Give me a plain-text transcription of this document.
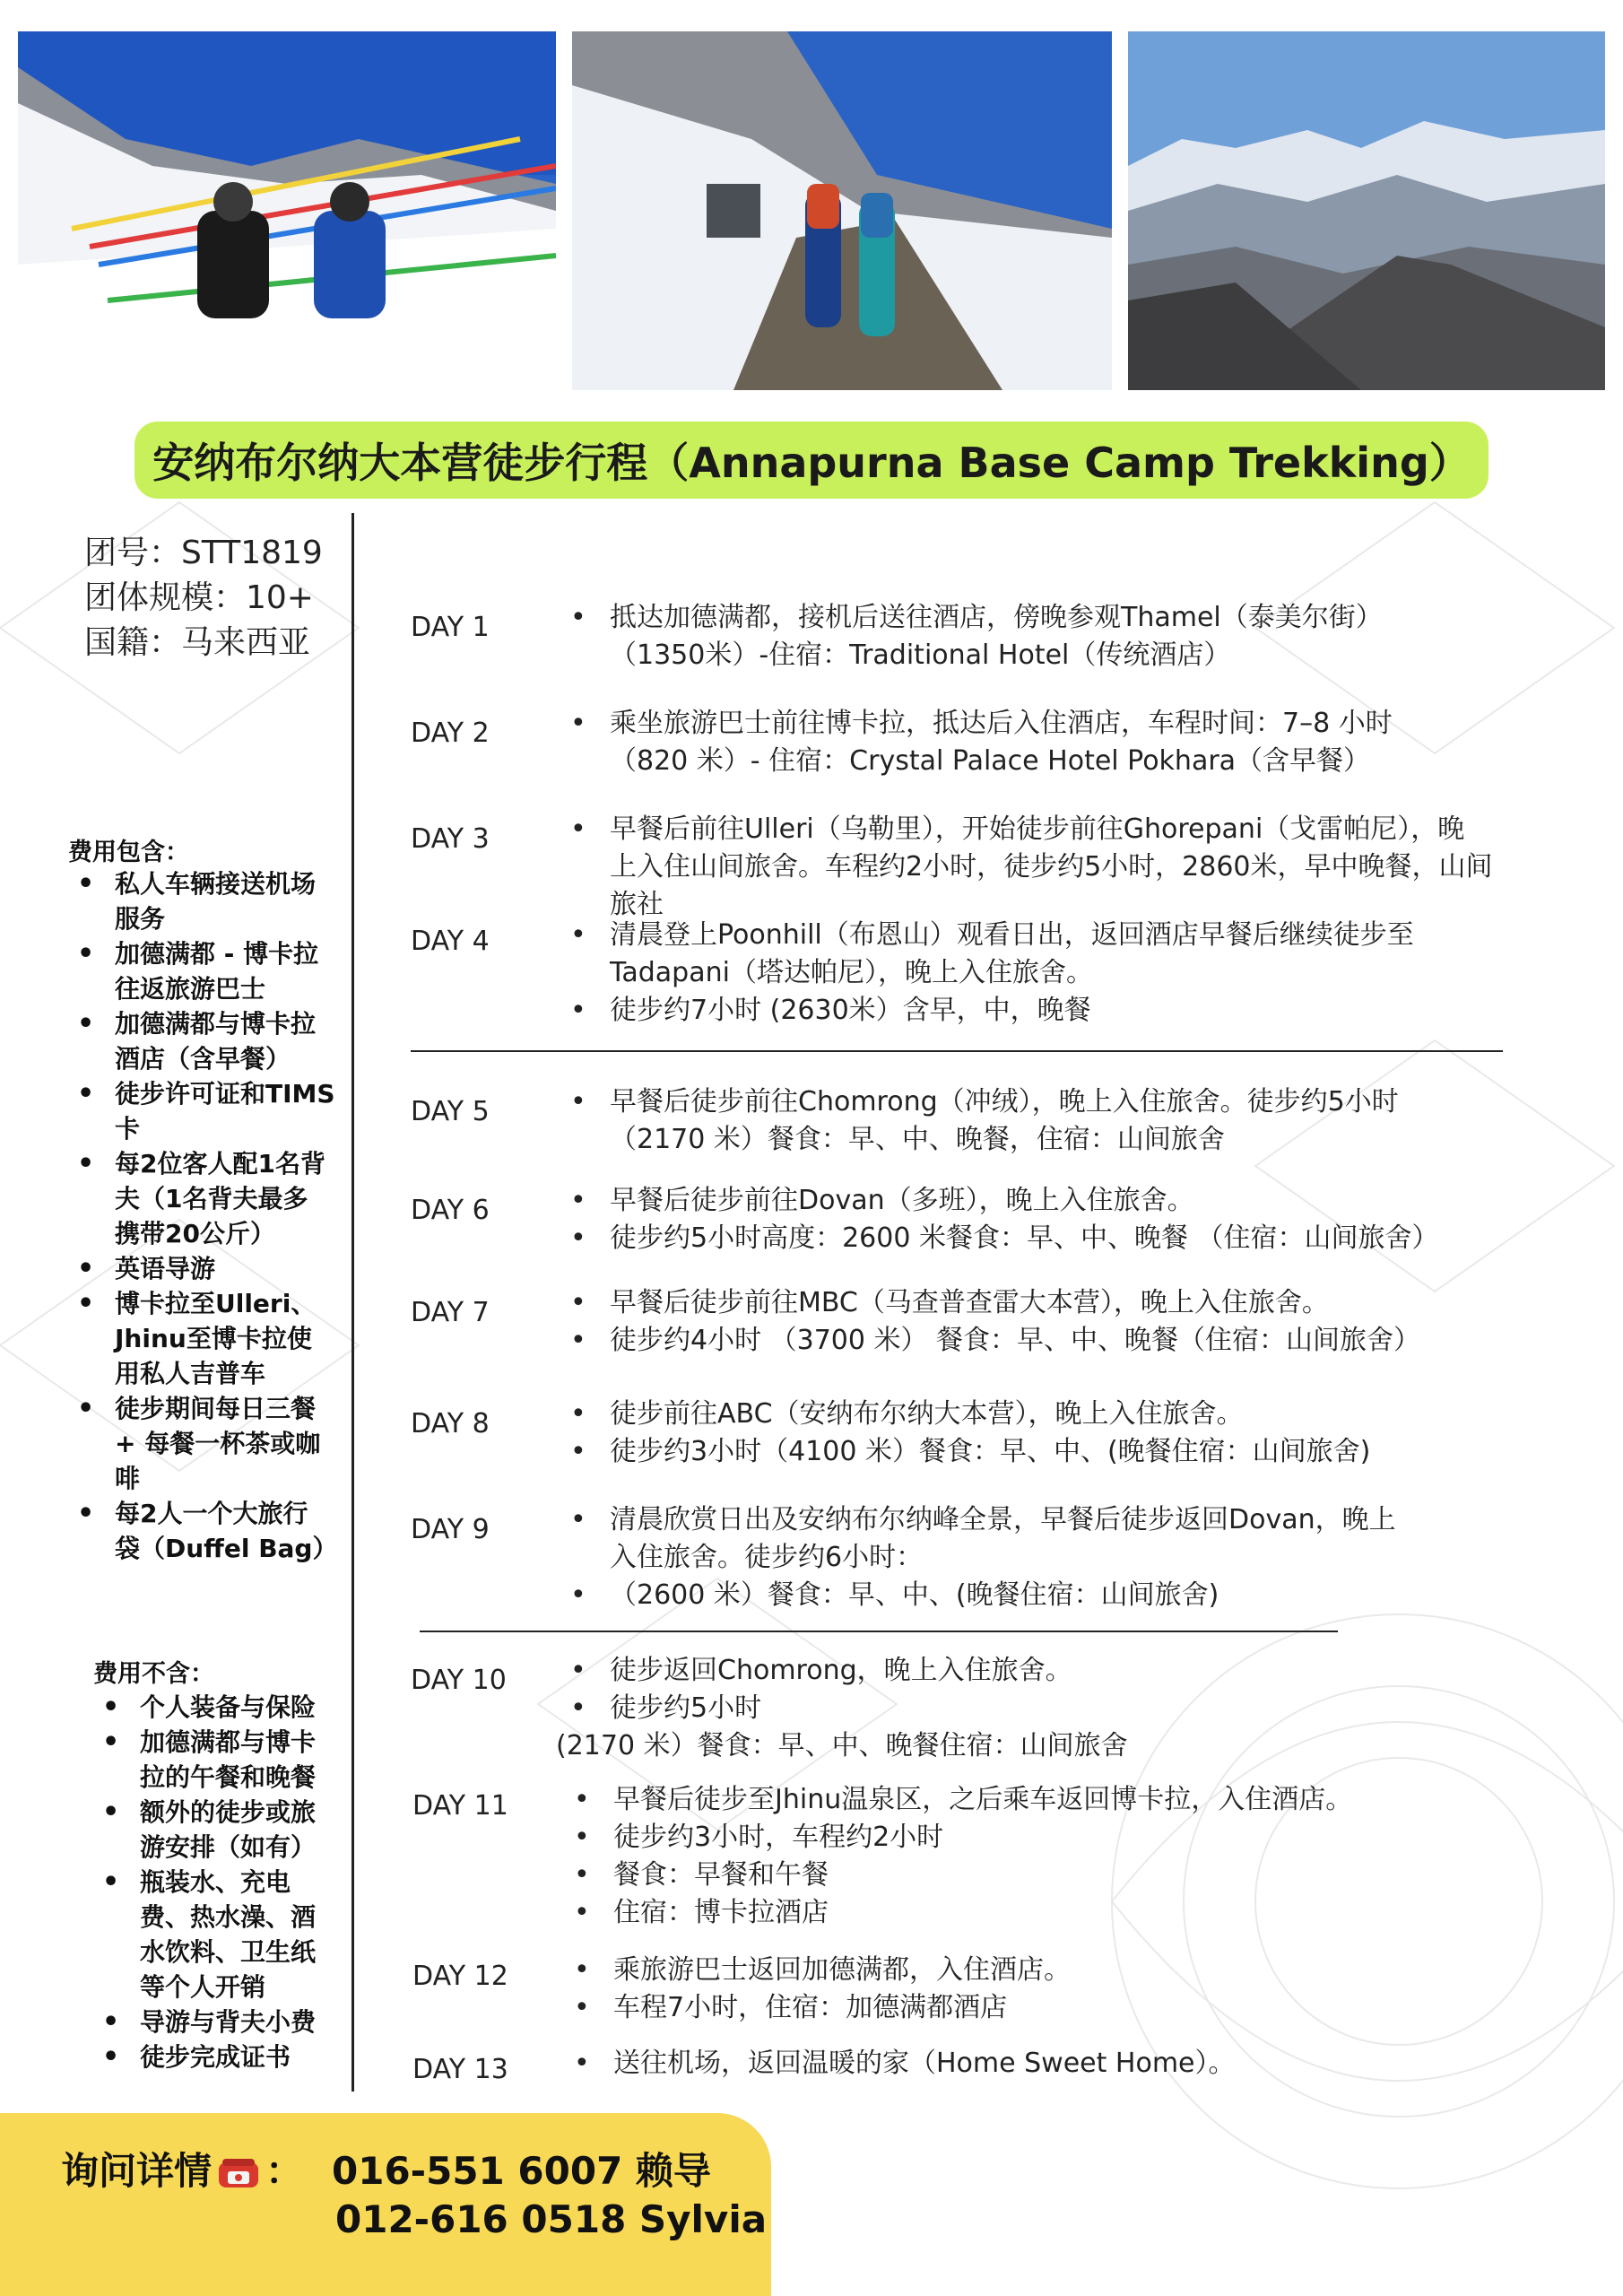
安纳布尔纳大本营徒步行程（Annapurna Base Camp Trekking）
团号：STT1819
团体规模：10+
国籍：马来西亚
费用包含：
• 私人车辆接送机场
服务
• 加德满都 - 博卡拉
往返旅游巴士
• 加德满都与博卡拉
酒店（含早餐）
• 徒步许可证和TIMS
卡
• 每2位客人配1名背
夫（1名背夫最多
携带20公斤）
• 英语导游
• 博卡拉至Ulleri、
Jhinu至博卡拉使
用私人吉普车
• 徒步期间每日三餐
+ 每餐一杯茶或咖
啡
• 每2人一个大旅行
袋（Duffel Bag）
费用不含：
• 个人装备与保险
• 加德满都与博卡
拉的午餐和晚餐
• 额外的徒步或旅
游安排（如有）
• 瓶装水、充电
费、热水澡、酒
水饮料、卫生纸
等个人开销
• 导游与背夫小费
• 徒步完成证书
DAY 1	• 抵达加德满都，接机后送往酒店，傍晚参观Thamel（泰美尔街）
（1350米）-住宿：Traditional Hotel（传统酒店）
DAY 2	• 乘坐旅游巴士前往博卡拉，抵达后入住酒店，车程时间：7–8 小时
（820 米）- 住宿：Crystal Palace Hotel Pokhara（含早餐）
DAY 3	• 早餐后前往Ulleri（乌勒里），开始徒步前往Ghorepani（戈雷帕尼），晚
上入住山间旅舍。车程约2小时，徒步约5小时，2860米，早中晚餐，山间
旅社
DAY 4	• 清晨登上Poonhill（布恩山）观看日出，返回酒店早餐后继续徒步至
Tadapani（塔达帕尼），晚上入住旅舍。
• 徒步约7小时 (2630米）含早，中，晚餐
DAY 5	• 早餐后徒步前往Chomrong（冲绒），晚上入住旅舍。徒步约5小时
（2170 米）餐食：早、中、晚餐，住宿：山间旅舍
DAY 6	• 早餐后徒步前往Dovan（多班），晚上入住旅舍。
• 徒步约5小时高度：2600 米餐食：早、中、晚餐 （住宿：山间旅舍）
DAY 7	• 早餐后徒步前往MBC（马查普查雷大本营），晚上入住旅舍。
• 徒步约4小时 （3700 米） 餐食：早、中、晚餐（住宿：山间旅舍）
DAY 8	• 徒步前往ABC（安纳布尔纳大本营），晚上入住旅舍。
• 徒步约3小时（4100 米）餐食：早、中、(晚餐住宿：山间旅舍)
DAY 9	• 清晨欣赏日出及安纳布尔纳峰全景，早餐后徒步返回Dovan，晚上
入住旅舍。徒步约6小时：
• （2600 米）餐食：早、中、(晚餐住宿：山间旅舍)
DAY 10	• 徒步返回Chomrong，晚上入住旅舍。
• 徒步约5小时
(2170 米）餐食：早、中、晚餐住宿：山间旅舍
DAY 11	• 早餐后徒步至Jhinu温泉区，之后乘车返回博卡拉，入住酒店。
• 徒步约3小时，车程约2小时
• 餐食：早餐和午餐
• 住宿：博卡拉酒店
DAY 12	• 乘旅游巴士返回加德满都，入住酒店。
• 车程7小时，住宿：加德满都酒店
DAY 13	• 送往机场，返回温暖的家（Home Sweet Home）。
询问详情 ： 016-551 6007 赖导
012-616 0518 Sylvia
